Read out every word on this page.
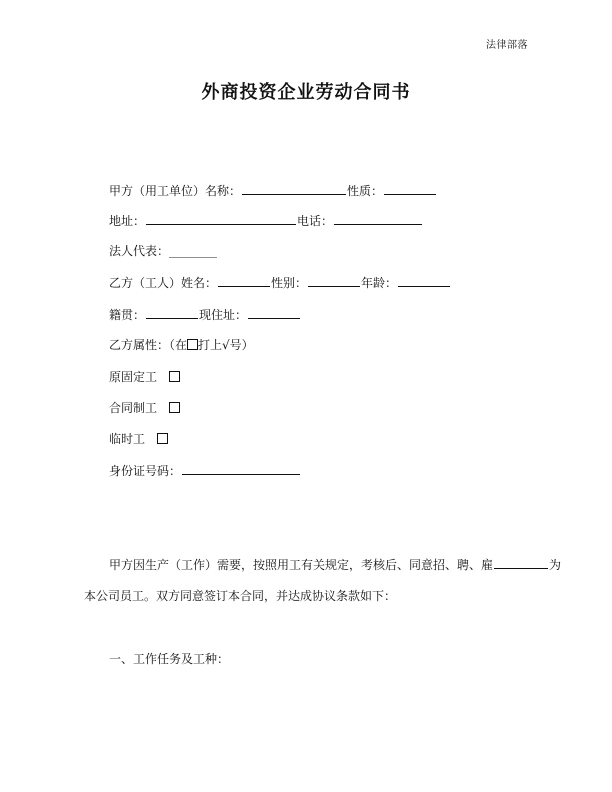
法律部落
外商投资企业劳动合同书
甲方（用工单位）名称：	性质：
地址：	电话：
法人代表：________
乙方（工人）姓名：	性别：	年龄：
籍贯：	现住址：
乙方属性：（在 打上√号）
原固定工
合同制工
临时工
身份证号码：
甲方因生产（工作）需要，按照用工有关规定，考核后、同意招、聘、雇	为
本公司员工。双方同意签订本合同，并达成协议条款如下：
一、工作任务及工种：
